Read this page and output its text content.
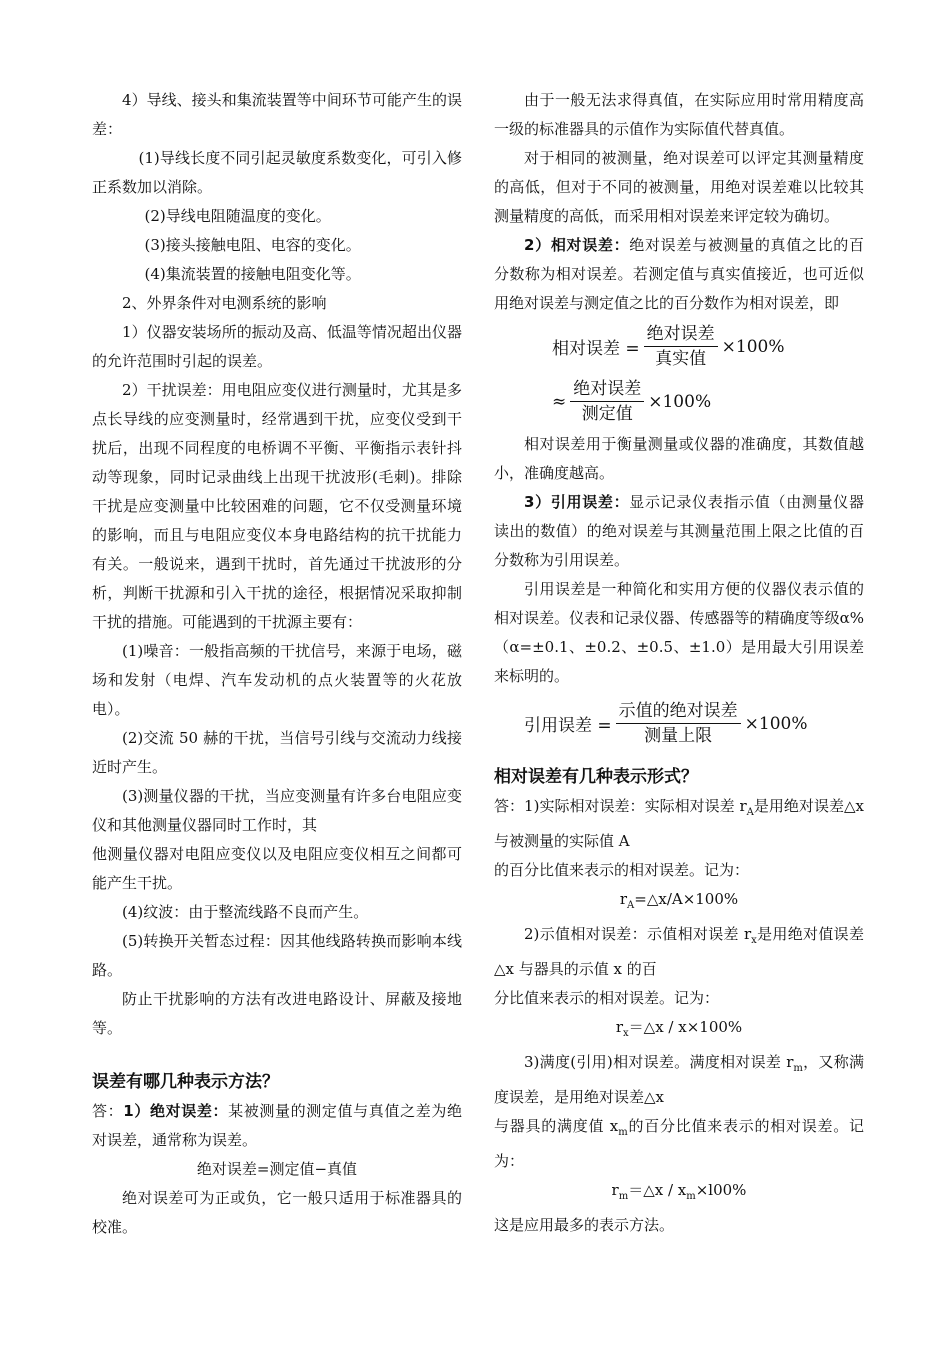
4）导线、接头和集流装置等中间环节可能产生的误差：

(1)导线长度不同引起灵敏度系数变化，可引入修正系数加以消除。

(2)导线电阻随温度的变化。

(3)接头接触电阻、电容的变化。

(4)集流装置的接触电阻变化等。

2、外界条件对电测系统的影响

1）仪器安装场所的振动及高、低温等情况超出仪器的允许范围时引起的误差。

2）干扰误差：用电阻应变仪进行测量时，尤其是多点长导线的应变测量时，经常遇到干扰，应变仪受到干扰后，出现不同程度的电桥调不平衡、平衡指示表针抖动等现象，同时记录曲线上出现干扰波形(毛刺)。排除干扰是应变测量中比较困难的问题，它不仅受测量环境的影响，而且与电阻应变仪本身电路结构的抗干扰能力有关。一般说来，遇到干扰时，首先通过干扰波形的分析，判断干扰源和引入干扰的途径，根据情况采取抑制干扰的措施。可能遇到的干扰源主要有：

(1)噪音：一般指高频的干扰信号，来源于电场，磁场和发射（电焊、汽车发动机的点火装置等的火花放电）。

(2)交流 50 赫的干扰，当信号引线与交流动力线接近时产生。

(3)测量仪器的干扰，当应变测量有许多台电阻应变仪和其他测量仪器同时工作时，其

他测量仪器对电阻应变仪以及电阻应变仪相互之间都可能产生干扰。

(4)纹波：由于整流线路不良而产生。

(5)转换开关暂态过程：因其他线路转换而影响本线路。

防止干扰影响的方法有改进电路设计、屏蔽及接地等。

误差有哪几种表示方法？

答：1）绝对误差：某被测量的测定值与真值之差为绝对误差，通常称为误差。

绝对误差=测定值−真值

绝对误差可为正或负，它一般只适用于标准器具的校准。

由于一般无法求得真值，在实际应用时常用精度高一级的标准器具的示值作为实际值代替真值。

对于相同的被测量，绝对误差可以评定其测量精度的高低，但对于不同的被测量，用绝对误差难以比较其测量精度的高低，而采用相对误差来评定较为确切。

2）相对误差：绝对误差与被测量的真值之比的百分数称为相对误差。若测定值与真实值接近，也可近似用绝对误差与测定值之比的百分数作为相对误差，即

相对误差 = $\frac{\text{绝对误差}}{\text{真实值}} \times 100\%$
≈ $\frac{\text{绝对误差}}{\text{测定值}} \times 100\%$

相对误差用于衡量测量或仪器的准确度，其数值越小，准确度越高。

3）引用误差：显示记录仪表指示值（由测量仪器读出的数值）的绝对误差与其测量范围上限之比值的百分数称为引用误差。

引用误差是一种简化和实用方便的仪器仪表示值的相对误差。仪表和记录仪器、传感器等的精确度等级α%（α=±0.1、±0.2、±0.5、±1.0）是用最大引用误差来标明的。

引用误差 = $\frac{\text{示值的绝对误差}}{\text{测量上限}} \times 100\%$

相对误差有几种表示形式？

答：1)实际相对误差：实际相对误差 $r_A$是用绝对误差△x 与被测量的实际值 A

的百分比值来表示的相对误差。记为：

$r_A=\triangle x/A\times 100\%$

2)示值相对误差：示值相对误差 $r_x$是用绝对值误差△x 与器具的示值 x 的百

分比值来表示的相对误差。记为：

$r_x=\triangle x / x\times 100\%$

3)满度(引用)相对误差。满度相对误差 $r_m$，又称满度误差，是用绝对误差△x

与器具的满度值 $x_m$的百分比值来表示的相对误差。记为：

$r_m=\triangle x / x_m\times l00\%$

这是应用最多的表示方法。
